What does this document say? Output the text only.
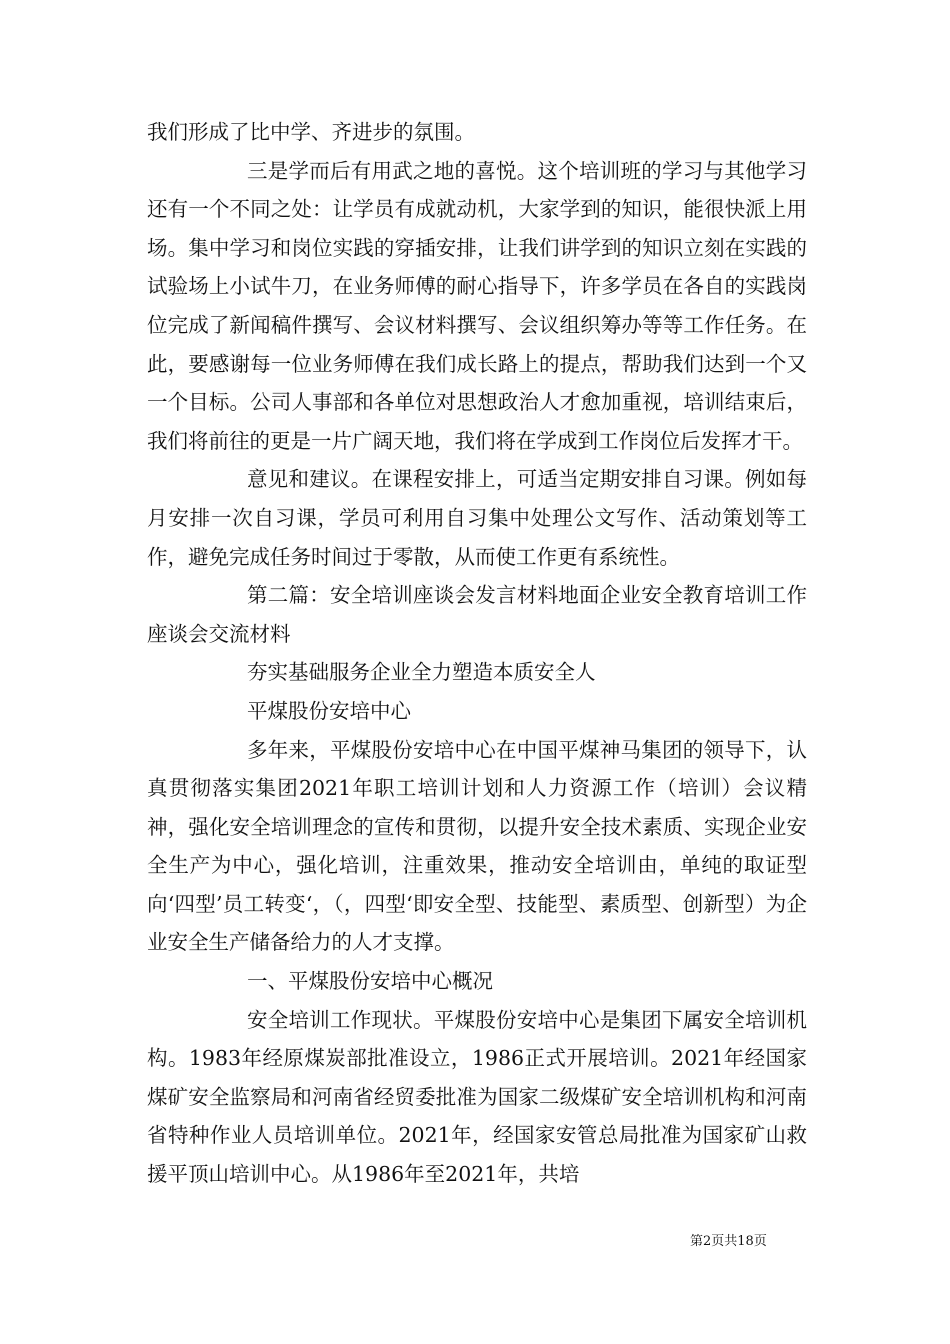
我们形成了比中学、齐进步的氛围。

三是学而后有用武之地的喜悦。这个培训班的学习与其他学习还有一个不同之处：让学员有成就动机，大家学到的知识，能很快派上用场。集中学习和岗位实践的穿插安排，让我们讲学到的知识立刻在实践的试验场上小试牛刀，在业务师傅的耐心指导下，许多学员在各自的实践岗位完成了新闻稿件撰写、会议材料撰写、会议组织筹办等等工作任务。在此，要感谢每一位业务师傅在我们成长路上的提点，帮助我们达到一个又一个目标。公司人事部和各单位对思想政治人才愈加重视，培训结束后，我们将前往的更是一片广阔天地，我们将在学成到工作岗位后发挥才干。

意见和建议。在课程安排上，可适当定期安排自习课。例如每月安排一次自习课，学员可利用自习集中处理公文写作、活动策划等工作，避免完成任务时间过于零散，从而使工作更有系统性。

第二篇：安全培训座谈会发言材料地面企业安全教育培训工作座谈会交流材料

夯实基础服务企业全力塑造本质安全人

平煤股份安培中心

多年来，平煤股份安培中心在中国平煤神马集团的领导下，认真贯彻落实集团2021年职工培训计划和人力资源工作（培训）会议精神，强化安全培训理念的宣传和贯彻，以提升安全技术素质、实现企业安全生产为中心，强化培训，注重效果，推动安全培训由，单纯的取证型向‘四型’员工转变‘，（，四型‘即安全型、技能型、素质型、创新型）为企业安全生产储备给力的人才支撑。

一、平煤股份安培中心概况

安全培训工作现状。平煤股份安培中心是集团下属安全培训机构。1983年经原煤炭部批准设立，1986正式开展培训。2021年经国家煤矿安全监察局和河南省经贸委批准为国家二级煤矿安全培训机构和河南省特种作业人员培训单位。2021年，经国家安管总局批准为国家矿山救援平顶山培训中心。从1986年至2021年，共培

第2页共18页
